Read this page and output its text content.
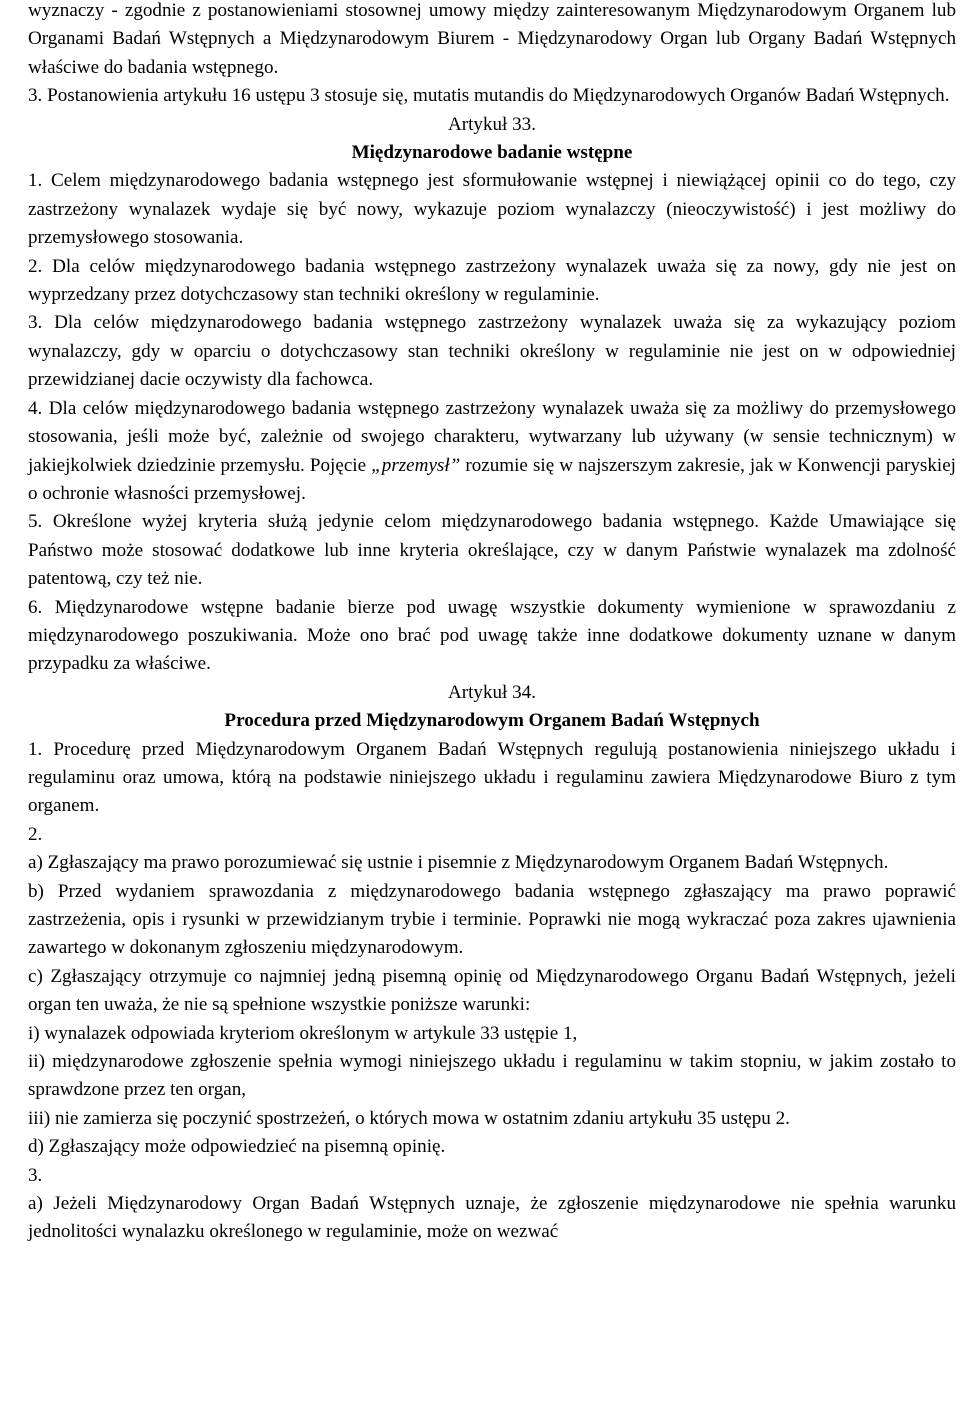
wyznaczy - zgodnie z postanowieniami stosownej umowy między zainteresowanym Międzynarodowym Organem lub Organami Badań Wstępnych a Międzynarodowym Biurem - Międzynarodowy Organ lub Organy Badań Wstępnych właściwe do badania wstępnego.

3. Postanowienia artykułu 16 ustępu 3 stosuje się, mutatis mutandis do Międzynarodowych Organów Badań Wstępnych.

Artykuł 33.

Międzynarodowe badanie wstępne

1. Celem międzynarodowego badania wstępnego jest sformułowanie wstępnej i niewiążącej opinii co do tego, czy zastrzeżony wynalazek wydaje się być nowy, wykazuje poziom wynalazczy (nieoczywistość) i jest możliwy do przemysłowego stosowania.

2. Dla celów międzynarodowego badania wstępnego zastrzeżony wynalazek uważa się za nowy, gdy nie jest on wyprzedzany przez dotychczasowy stan techniki określony w regulaminie.

3. Dla celów międzynarodowego badania wstępnego zastrzeżony wynalazek uważa się za wykazujący poziom wynalazczy, gdy w oparciu o dotychczasowy stan techniki określony w regulaminie nie jest on w odpowiedniej przewidzianej dacie oczywisty dla fachowca.

4. Dla celów międzynarodowego badania wstępnego zastrzeżony wynalazek uważa się za możliwy do przemysłowego stosowania, jeśli może być, zależnie od swojego charakteru, wytwarzany lub używany (w sensie technicznym) w jakiejkolwiek dziedzinie przemysłu. Pojęcie „przemysł” rozumie się w najszerszym zakresie, jak w Konwencji paryskiej o ochronie własności przemysłowej.

5. Określone wyżej kryteria służą jedynie celom międzynarodowego badania wstępnego. Każde Umawiające się Państwo może stosować dodatkowe lub inne kryteria określające, czy w danym Państwie wynalazek ma zdolność patentową, czy też nie.

6. Międzynarodowe wstępne badanie bierze pod uwagę wszystkie dokumenty wymienione w sprawozdaniu z międzynarodowego poszukiwania. Może ono brać pod uwagę także inne dodatkowe dokumenty uznane w danym przypadku za właściwe.

Artykuł 34.

Procedura przed Międzynarodowym Organem Badań Wstępnych

1. Procedurę przed Międzynarodowym Organem Badań Wstępnych regulują postanowienia niniejszego układu i regulaminu oraz umowa, którą na podstawie niniejszego układu i regulaminu zawiera Międzynarodowe Biuro z tym organem.

2.

a) Zgłaszający ma prawo porozumiewać się ustnie i pisemnie z Międzynarodowym Organem Badań Wstępnych.

b) Przed wydaniem sprawozdania z międzynarodowego badania wstępnego zgłaszający ma prawo poprawić zastrzeżenia, opis i rysunki w przewidzianym trybie i terminie. Poprawki nie mogą wykraczać poza zakres ujawnienia zawartego w dokonanym zgłoszeniu międzynarodowym.

c) Zgłaszający otrzymuje co najmniej jedną pisemną opinię od Międzynarodowego Organu Badań Wstępnych, jeżeli organ ten uważa, że nie są spełnione wszystkie poniższe warunki:

i) wynalazek odpowiada kryteriom określonym w artykule 33 ustępie 1,

ii) międzynarodowe zgłoszenie spełnia wymogi niniejszego układu i regulaminu w takim stopniu, w jakim zostało to sprawdzone przez ten organ,

iii) nie zamierza się poczynić spostrzeżeń, o których mowa w ostatnim zdaniu artykułu 35 ustępu 2.

d) Zgłaszający może odpowiedzieć na pisemną opinię.

3.

a) Jeżeli Międzynarodowy Organ Badań Wstępnych uznaje, że zgłoszenie międzynarodowe nie spełnia warunku jednolitości wynalazku określonego w regulaminie, może on wezwać
